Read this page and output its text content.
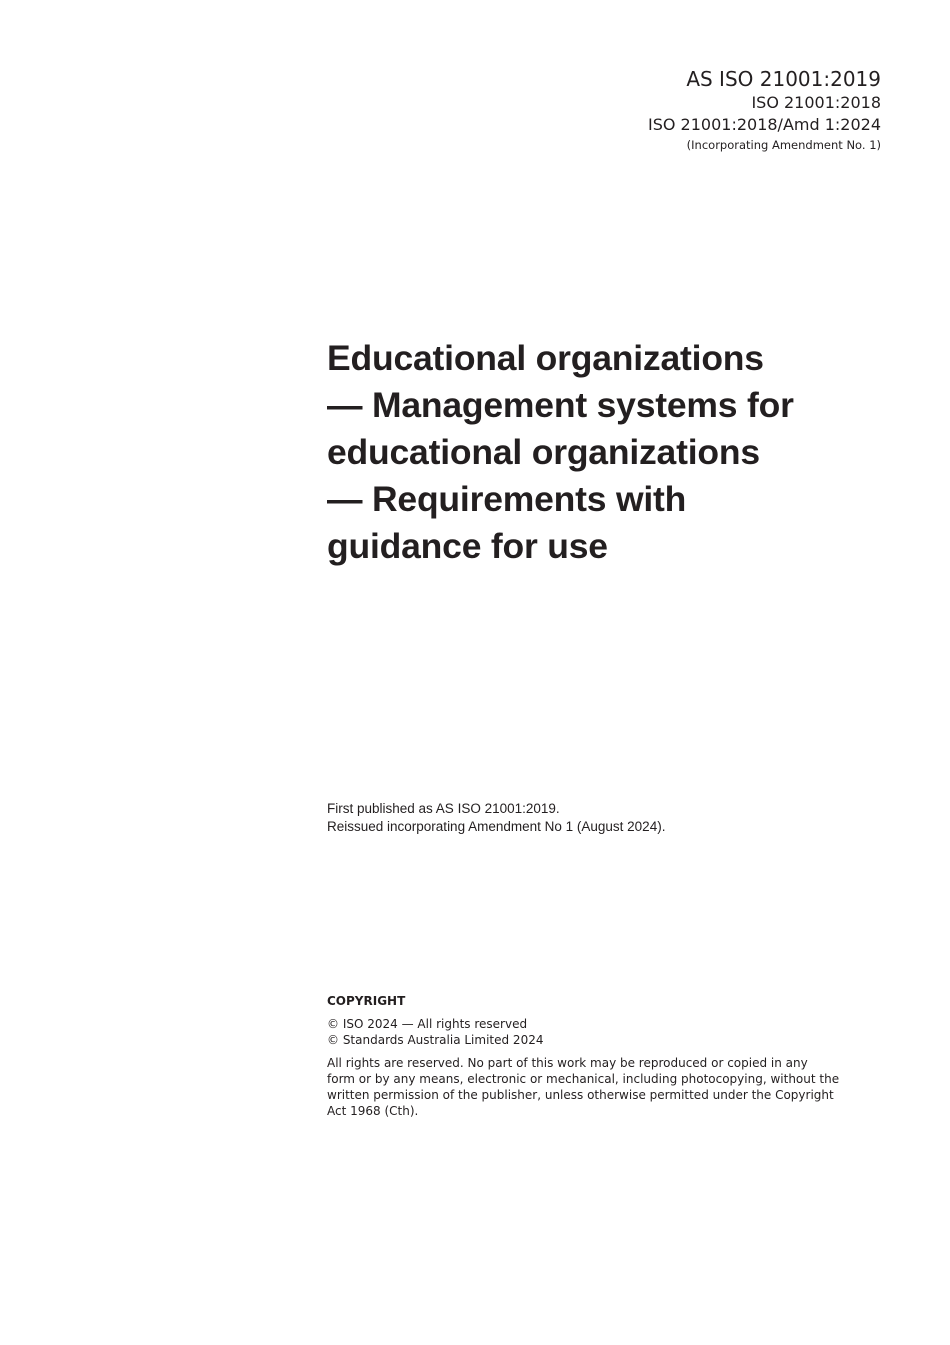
AS ISO 21001:2019
ISO 21001:2018
ISO 21001:2018/Amd 1:2024
(Incorporating Amendment No. 1)
Educational organizations
— Management systems for
educational organizations
— Requirements with
guidance for use
First published as AS ISO 21001:2019.
Reissued incorporating Amendment No 1 (August 2024).
COPYRIGHT
© ISO 2024 — All rights reserved
© Standards Australia Limited 2024
All rights are reserved. No part of this work may be reproduced or copied in any
form or by any means, electronic or mechanical, including photocopying, without the
written permission of the publisher, unless otherwise permitted under the Copyright
Act 1968 (Cth).
